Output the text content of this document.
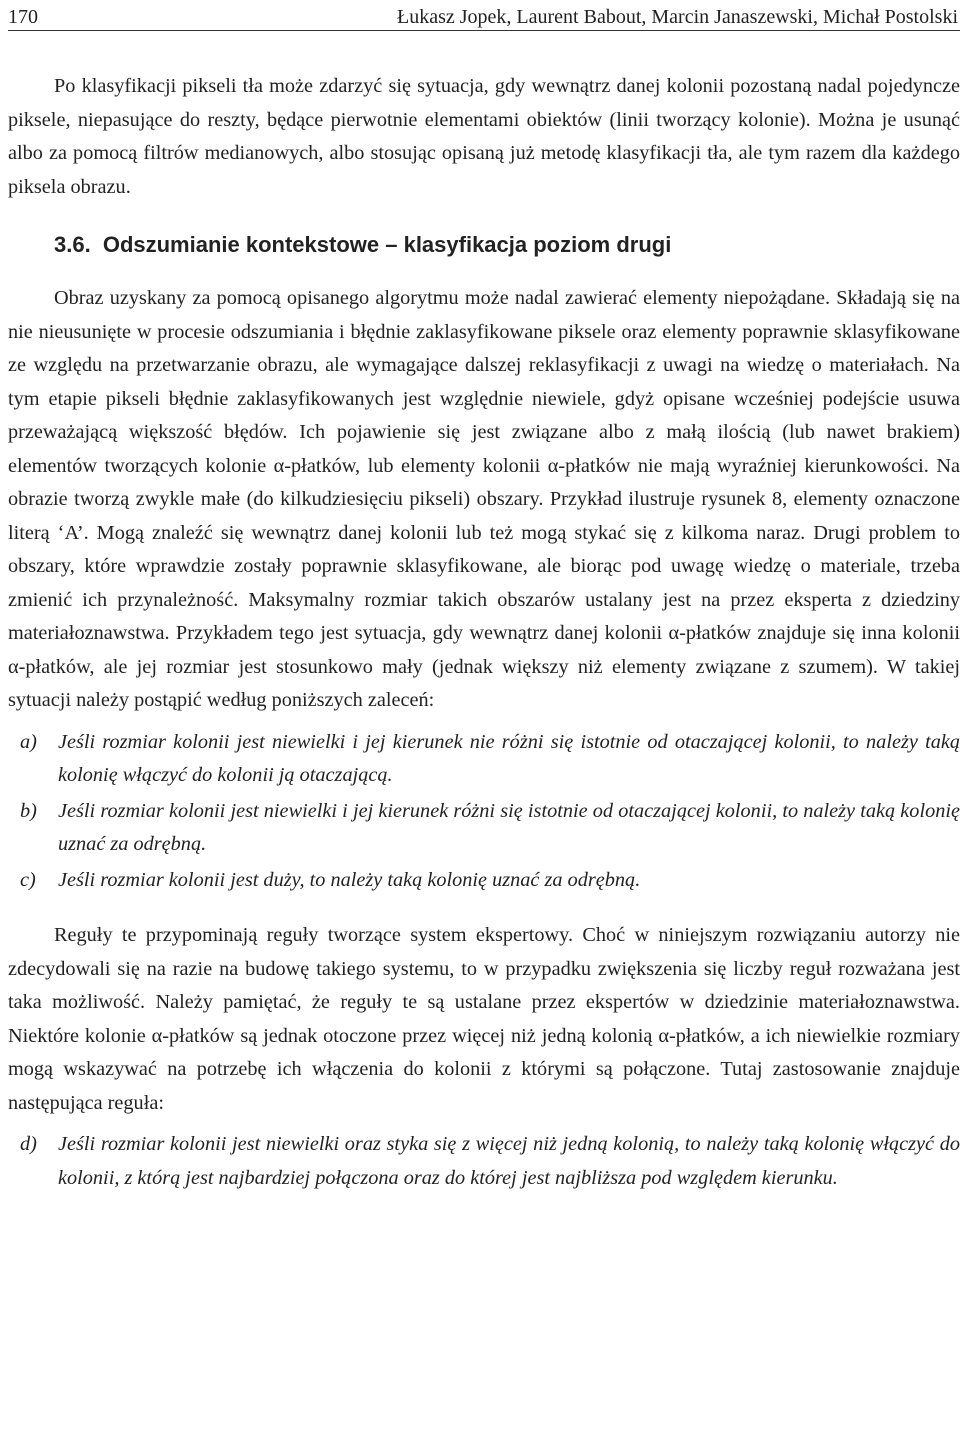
170	Łukasz Jopek, Laurent Babout, Marcin Janaszewski, Michał Postolski

Po klasyfikacji pikseli tła może zdarzyć się sytuacja, gdy wewnątrz danej kolonii pozostaną nadal pojedyncze piksele, niepasujące do reszty, będące pierwotnie elementami obiektów (linii tworzący kolonie). Można je usunąć albo za pomocą filtrów medianowych, albo stosując opisaną już metodę klasyfikacji tła, ale tym razem dla każdego piksela obrazu.

3.6. Odszumianie kontekstowe – klasyfikacja poziom drugi

Obraz uzyskany za pomocą opisanego algorytmu może nadal zawierać elementy niepożądane. Składają się na nie nieusunięte w procesie odszumiania i błędnie zaklasyfikowane piksele oraz elementy poprawnie sklasyfikowane ze względu na przetwarzanie obrazu, ale wymagające dalszej reklasyfikacji z uwagi na wiedzę o materiałach. Na tym etapie pikseli błędnie zaklasyfikowanych jest względnie niewiele, gdyż opisane wcześniej podejście usuwa przeważającą większość błędów. Ich pojawienie się jest związane albo z małą ilością (lub nawet brakiem) elementów tworzących kolonie α-płatków, lub elementy kolonii α-płatków nie mają wyraźniej kierunkowości. Na obrazie tworzą zwykle małe (do kilkudziesięciu pikseli) obszary. Przykład ilustruje rysunek 8, elementy oznaczone literą ‘A’. Mogą znaleźć się wewnątrz danej kolonii lub też mogą stykać się z kilkoma naraz. Drugi problem to obszary, które wprawdzie zostały poprawnie sklasyfikowane, ale biorąc pod uwagę wiedzę o materiale, trzeba zmienić ich przynależność. Maksymalny rozmiar takich obszarów ustalany jest na przez eksperta z dziedziny materiałoznawstwa. Przykładem tego jest sytuacja, gdy wewnątrz danej kolonii α-płatków znajduje się inna kolonii α-płatków, ale jej rozmiar jest stosunkowo mały (jednak większy niż elementy związane z szumem). W takiej sytuacji należy postąpić według poniższych zaleceń:

a) Jeśli rozmiar kolonii jest niewielki i jej kierunek nie różni się istotnie od otaczającej kolonii, to należy taką kolonię włączyć do kolonii ją otaczającą.
b) Jeśli rozmiar kolonii jest niewielki i jej kierunek różni się istotnie od otaczającej kolonii, to należy taką kolonię uznać za odrębną.
c) Jeśli rozmiar kolonii jest duży, to należy taką kolonię uznać za odrębną.

Reguły te przypominają reguły tworzące system ekspertowy. Choć w niniejszym rozwiązaniu autorzy nie zdecydowali się na razie na budowę takiego systemu, to w przypadku zwiększenia się liczby reguł rozważana jest taka możliwość. Należy pamiętać, że reguły te są ustalane przez ekspertów w dziedzinie materiałoznawstwa. Niektóre kolonie α-płatków są jednak otoczone przez więcej niż jedną kolonią α-płatków, a ich niewielkie rozmiary mogą wskazywać na potrzebę ich włączenia do kolonii z którymi są połączone. Tutaj zastosowanie znajduje następująca reguła:

d) Jeśli rozmiar kolonii jest niewielki oraz styka się z więcej niż jedną kolonią, to należy taką kolonię włączyć do kolonii, z którą jest najbardziej połączona oraz do której jest najbliższa pod względem kierunku.
